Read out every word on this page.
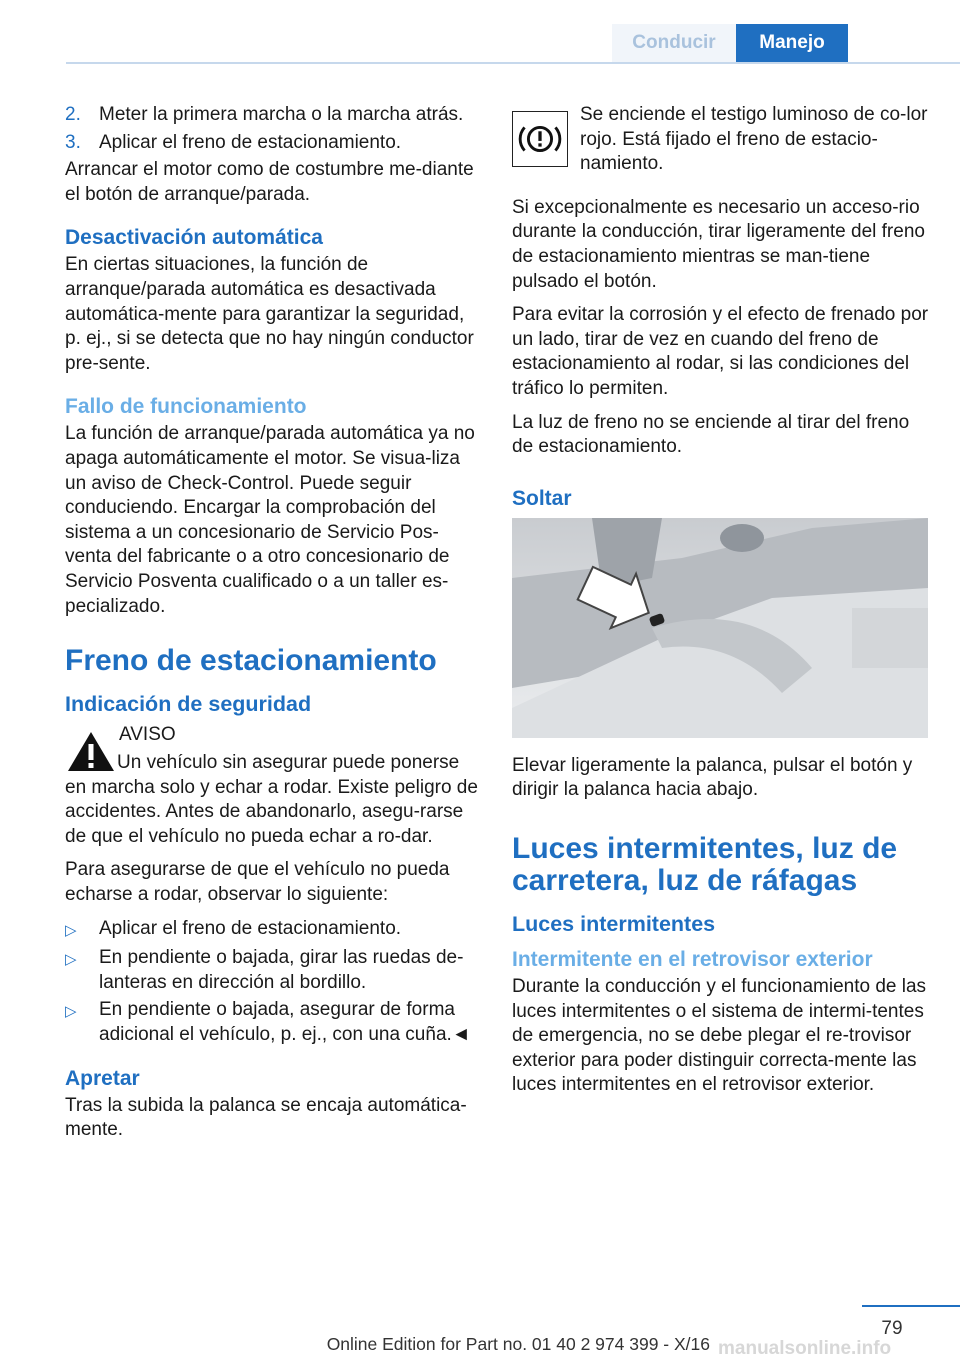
Conducir	Manejo
2. Meter la primera marcha o la marcha atrás.
3. Aplicar el freno de estacionamiento.

Arrancar el motor como de costumbre me‐diante el botón de arranque/parada.

Desactivación automática

En ciertas situaciones, la función de arranque/parada automática es desactivada automática‐mente para garantizar la seguridad, p. ej., si se detecta que no hay ningún conductor pre‐sente.

Fallo de funcionamiento

La función de arranque/parada automática ya no apaga automáticamente el motor. Se visua‐liza un aviso de Check-Control. Puede seguir conduciendo. Encargar la comprobación del sistema a un concesionario de Servicio Pos‐venta del fabricante o a otro concesionario de Servicio Posventa cualificado o a un taller es‐pecializado.

Freno de estacionamiento
Indicación de seguridad
AVISO

Un vehículo sin asegurar puede ponerse en marcha solo y echar a rodar. Existe peligro de accidentes. Antes de abandonarlo, asegu‐rarse de que el vehículo no pueda echar a ro‐dar.

Para asegurarse de que el vehículo no pueda echarse a rodar, observar lo siguiente:

▷	Aplicar el freno de estacionamiento.
▷	En pendiente o bajada, girar las ruedas de‐lanteras en dirección al bordillo.
▷	En pendiente o bajada, asegurar de forma adicional el vehículo, p. ej., con una cuña.◄
Apretar

Tras la subida la palanca se encaja automática‐mente.

Se enciende el testigo luminoso de co‐lor rojo. Está fijado el freno de estacio‐namiento.

Si excepcionalmente es necesario un acceso‐rio durante la conducción, tirar ligeramente del freno de estacionamiento mientras se man‐tiene pulsado el botón.

Para evitar la corrosión y el efecto de frenado por un lado, tirar de vez en cuando del freno de estacionamiento al rodar, si las condiciones del tráfico lo permiten.

La luz de freno no se enciende al tirar del freno de estacionamiento.

Soltar

Elevar ligeramente la palanca, pulsar el botón y dirigir la palanca hacia abajo.

Luces intermitentes, luz de carretera, luz de ráfagas
Luces intermitentes
Intermitente en el retrovisor exterior

Durante la conducción y el funcionamiento de las luces intermitentes o el sistema de intermi‐tentes de emergencia, no se debe plegar el re‐trovisor exterior para poder distinguir correcta‐mente las luces intermitentes en el retrovisor exterior.

79
Online Edition for Part no. 01 40 2 974 399 - X/16 manualsonline.info
